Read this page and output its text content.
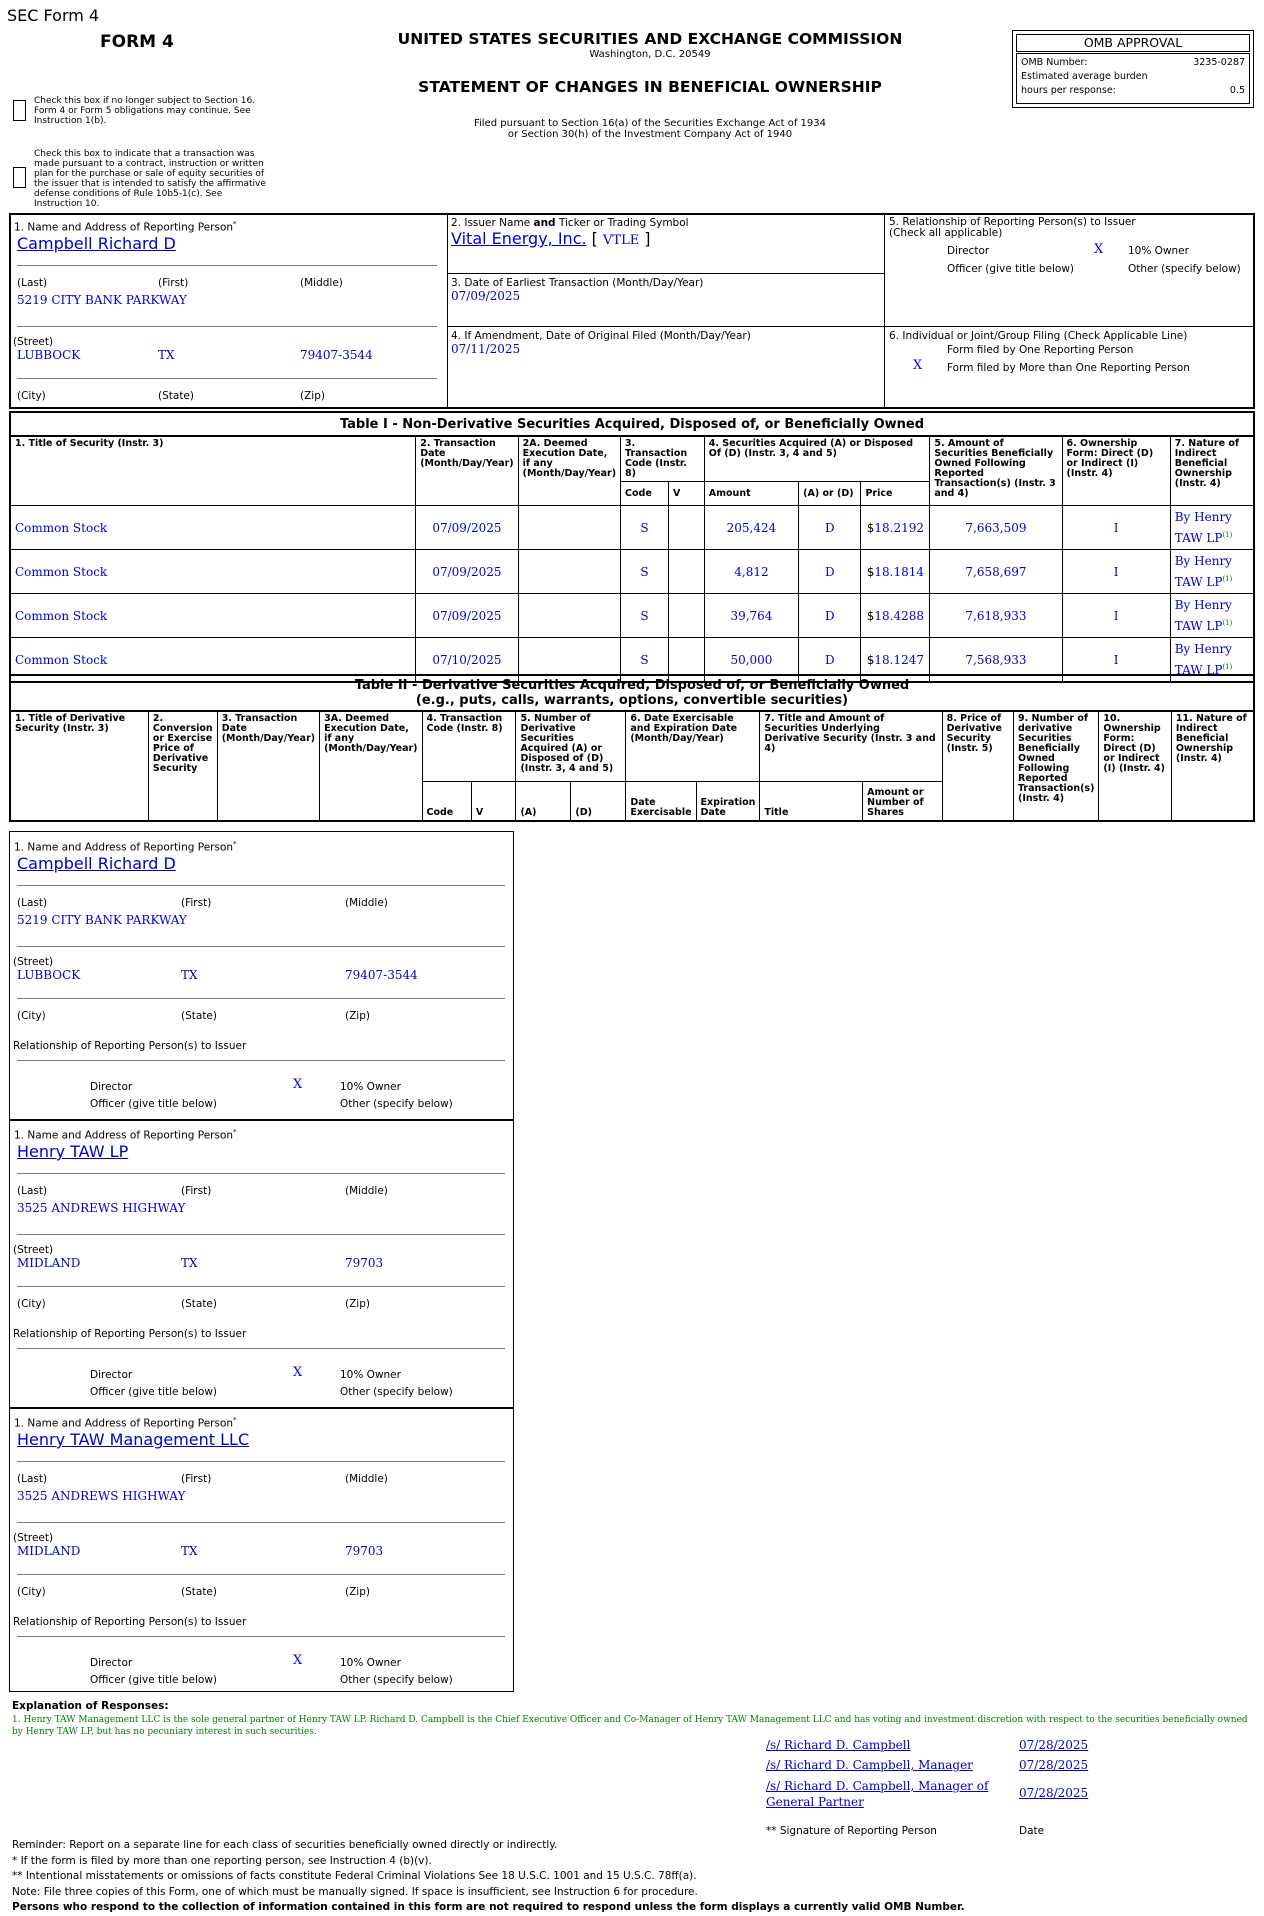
SEC Form 4
FORM 4	UNITED STATES SECURITIES AND EXCHANGE COMMISSION
Washington, D.C. 20549
STATEMENT OF CHANGES IN BENEFICIAL OWNERSHIP
Filed pursuant to Section 16(a) of the Securities Exchange Act of 1934
or Section 30(h) of the Investment Company Act of 1940
OMB APPROVAL
OMB Number:	3235-0287
Estimated average burden
hours per response:	0.5
Check this box if no longer subject to Section 16.
Form 4 or Form 5 obligations may continue. See
Instruction 1(b).
Check this box to indicate that a transaction was
made pursuant to a contract, instruction or written
plan for the purchase or sale of equity securities of
the issuer that is intended to satisfy the affirmative
defense conditions of Rule 10b5-1(c). See
Instruction 10.
1. Name and Address of Reporting Person*
Campbell Richard D
(Last)	(First)	(Middle)
5219 CITY BANK PARKWAY
(Street)
LUBBOCK	TX	79407-3544
(City)	(State)	(Zip)
2. Issuer Name and Ticker or Trading Symbol
Vital Energy, Inc. [ VTLE ]
3. Date of Earliest Transaction (Month/Day/Year)
07/09/2025
4. If Amendment, Date of Original Filed (Month/Day/Year)
07/11/2025
5. Relationship of Reporting Person(s) to Issuer
(Check all applicable)
Director	X 10% Owner
Officer (give title below)	Other (specify below)
6. Individual or Joint/Group Filing (Check Applicable Line)
Form filed by One Reporting Person
X Form filed by More than One Reporting Person
Table I - Non-Derivative Securities Acquired, Disposed of, or Beneficially Owned										
1. Title of Security (Instr. 3)	2. Transaction Date (Month/Day/Year)	2A. Deemed Execution Date, if any (Month/Day/Year)	3. Transaction Code (Instr. 8)		4. Securities Acquired (A) or Disposed Of (D) (Instr. 3, 4 and 5)			5. Amount of Securities Beneficially Owned Following Reported Transaction(s) (Instr. 3 and 4)	6. Ownership Form: Direct (D) or Indirect (I) (Instr. 4)	7. Nature of Indirect Beneficial Ownership (Instr. 4)
			Code	V	Amount	(A) or (D)	Price			
Common Stock	07/09/2025		S		205,424	D	$18.2192	7,663,509	I	By Henry
TAW LP$^{(1)}$

Common Stock	07/09/2025		S		4,812	D	$18.1814	7,658,697	I	By Henry
TAW LP$^{(1)}$

Common Stock	07/09/2025		S		39,764	D	$18.4288	7,618,933	I	By Henry
TAW LP$^{(1)}$

Common Stock	07/10/2025		S		50,000	D	$18.1247	7,568,933	I	By Henry
TAW LP$^{(1)}$
Table II - Derivative Securities Acquired, Disposed of, or Beneficially Owned
(e.g., puts, calls, warrants, options, convertible securities)															

1. Title of Derivative Security (Instr. 3)	2. Conversion or Exercise Price of Derivative Security	3. Transaction Date (Month/Day/Year)	3A. Deemed Execution Date, if any (Month/Day/Year)	4. Transaction Code (Instr. 8)		5. Number of Derivative Securities Acquired (A) or Disposed of (D) (Instr. 3, 4 and 5)		6. Date Exercisable and Expiration Date (Month/Day/Year)		7. Title and Amount of Securities Underlying Derivative Security (Instr. 3 and 4)		8. Price of Derivative Security (Instr. 5)	9. Number of derivative Securities Beneficially Owned Following Reported Transaction(s) (Instr. 4)	10. Ownership Form: Direct (D) or Indirect (I) (Instr. 4)	11. Nature of Indirect Beneficial Ownership (Instr. 4)
				Code	V	(A)	(D)	Date Exercisable	Expiration Date	Title	Amount or Number of Shares				
1. Name and Address of Reporting Person*
Campbell Richard D
(Last)	(First)	(Middle)
5219 CITY BANK PARKWAY
(Street)
LUBBOCK	TX	79407-3544
(City)	(State)	(Zip)
Relationship of Reporting Person(s) to Issuer
Director	X	10% Owner
Officer (give title below)	Other (specify below)
1. Name and Address of Reporting Person*
Henry TAW LP
(Last)	(First)	(Middle)
3525 ANDREWS HIGHWAY
(Street)
MIDLAND	TX	79703
(City)	(State)	(Zip)
Relationship of Reporting Person(s) to Issuer
Director	X	10% Owner
Officer (give title below)	Other (specify below)
1. Name and Address of Reporting Person*
Henry TAW Management LLC
(Last)	(First)	(Middle)
3525 ANDREWS HIGHWAY
(Street)
MIDLAND	TX	79703
(City)	(State)	(Zip)
Relationship of Reporting Person(s) to Issuer
Director	X	10% Owner
Officer (give title below)	Other (specify below)
Explanation of Responses:
1. Henry TAW Management LLC is the sole general partner of Henry TAW LP. Richard D. Campbell is the Chief Executive Officer and Co-Manager of Henry TAW Management LLC and has voting and investment discretion with respect to the securities beneficially owned by Henry TAW LP, but has no pecuniary interest in such securities.
/s/ Richard D. Campbell	07/28/2025
/s/ Richard D. Campbell, Manager	07/28/2025
/s/ Richard D. Campbell, Manager of General Partner
07/28/2025
** Signature of Reporting Person	Date
Reminder: Report on a separate line for each class of securities beneficially owned directly or indirectly.
* If the form is filed by more than one reporting person, see Instruction 4 (b)(v).
** Intentional misstatements or omissions of facts constitute Federal Criminal Violations See 18 U.S.C. 1001 and 15 U.S.C. 78ff(a).
Note: File three copies of this Form, one of which must be manually signed. If space is insufficient, see Instruction 6 for procedure.
Persons who respond to the collection of information contained in this form are not required to respond unless the form displays a currently valid OMB Number.
